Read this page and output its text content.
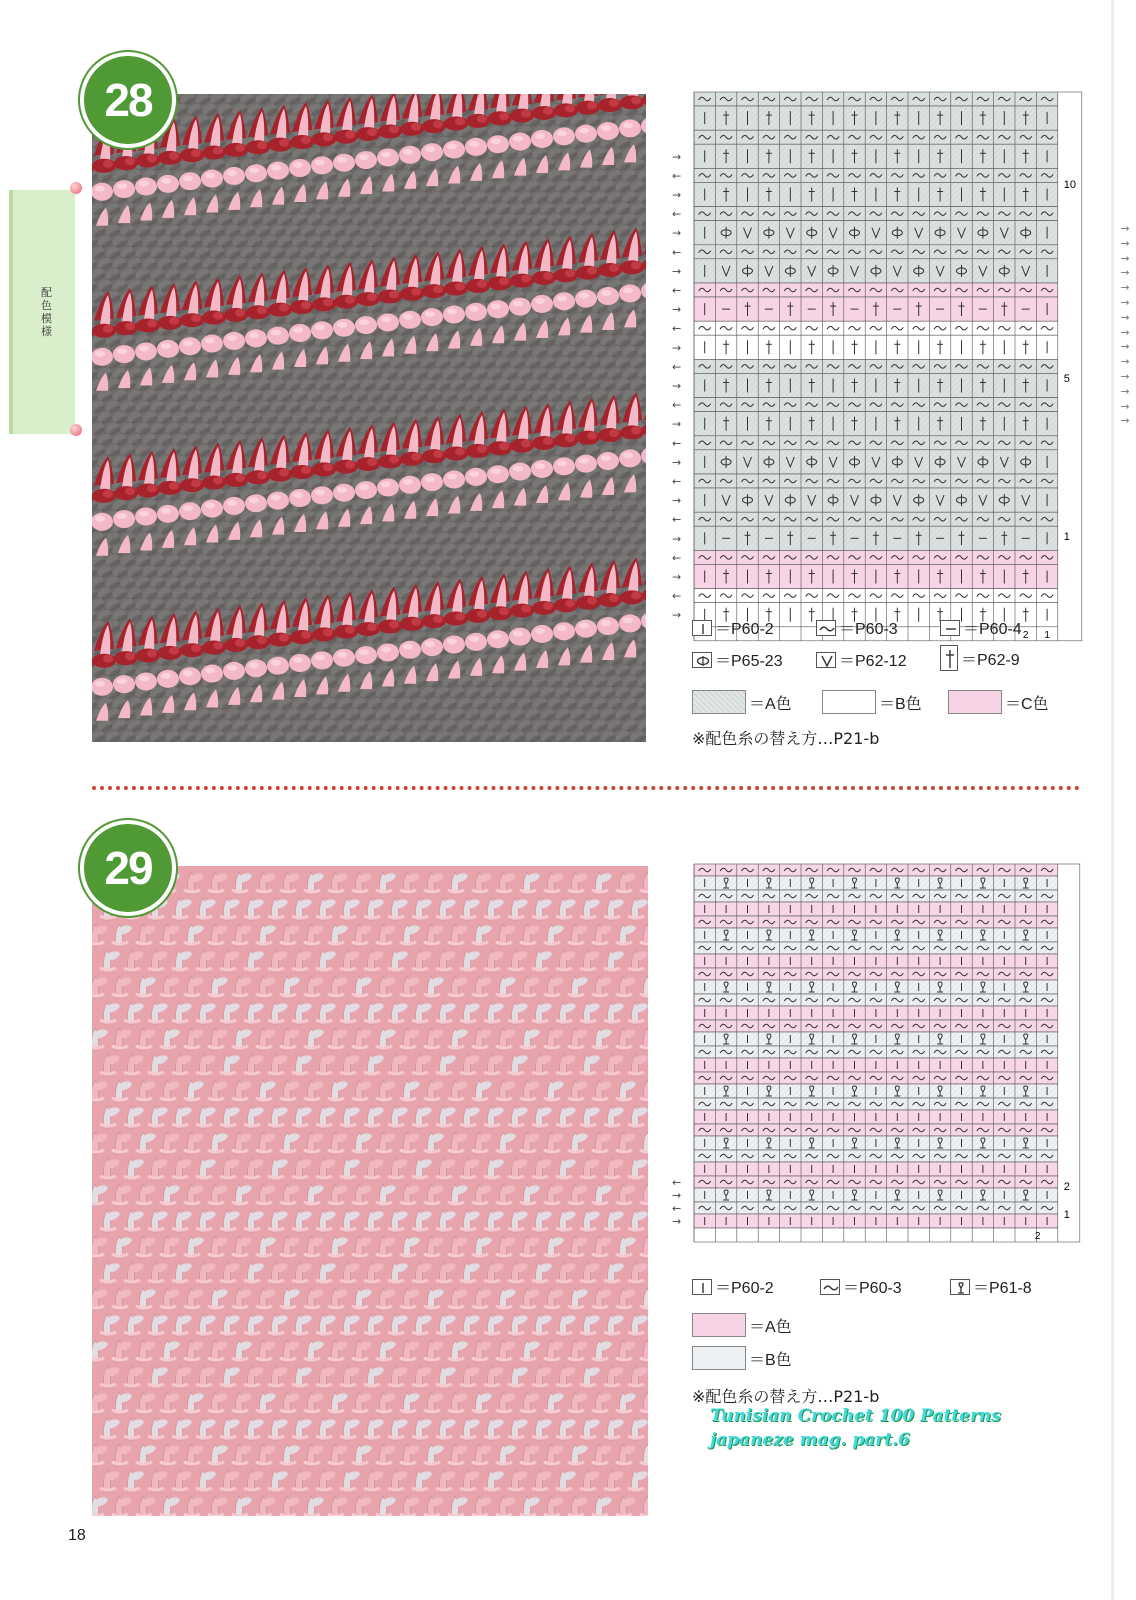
→
→
→
→
→
→
→
→
→
→
→
→
→
→

配色模様
28
2 1
10
5
1
→
←
→
←
→
←
→
←
→
←
→
←
→
←
→
←
→
←
→
←
→
←
→
←
→
＝P60-2	＝P60-3	＝P60-4
＝P65-23	＝P62-12	＝P62-9
＝A色	＝B色	＝C色
※配色糸の替え方…P21-b
29
←
→
←
→
2
2
1
＝P60-2	＝P60-3	＝P61-8
＝A色
＝B色
※配色糸の替え方…P21-b
Tunisian Crochet 100 Patterns
japaneze mag. part.6
18
